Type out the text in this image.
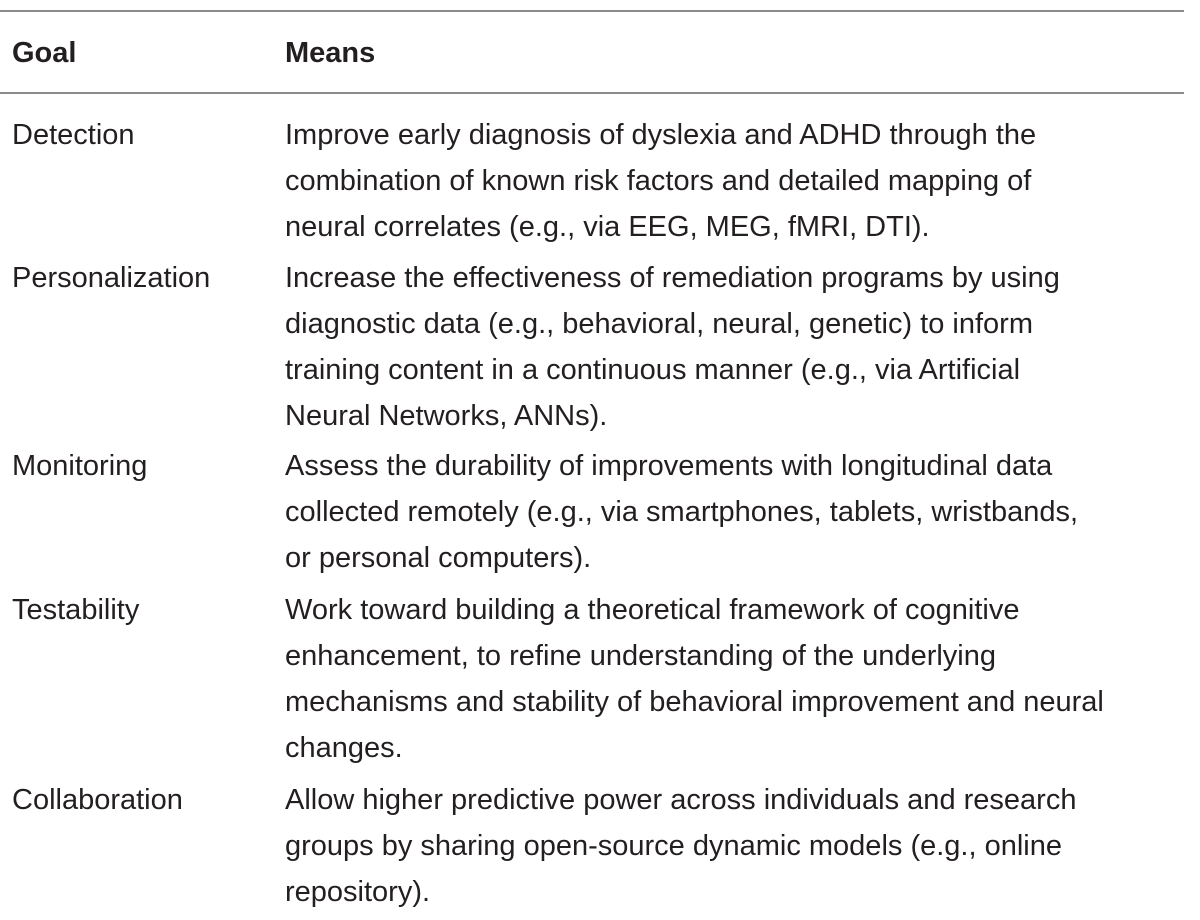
Goal	Means
Detection	Improve early diagnosis of dyslexia and ADHD through the
combination of known risk factors and detailed mapping of
neural correlates (e.g., via EEG, MEG, fMRI, DTI).
Personalization	Increase the effectiveness of remediation programs by using
diagnostic data (e.g., behavioral, neural, genetic) to inform
training content in a continuous manner (e.g., via Artificial
Neural Networks, ANNs).
Monitoring	Assess the durability of improvements with longitudinal data
collected remotely (e.g., via smartphones, tablets, wristbands,
or personal computers).
Testability	Work toward building a theoretical framework of cognitive
enhancement, to refine understanding of the underlying
mechanisms and stability of behavioral improvement and neural
changes.
Collaboration	Allow higher predictive power across individuals and research
groups by sharing open-source dynamic models (e.g., online
repository).
